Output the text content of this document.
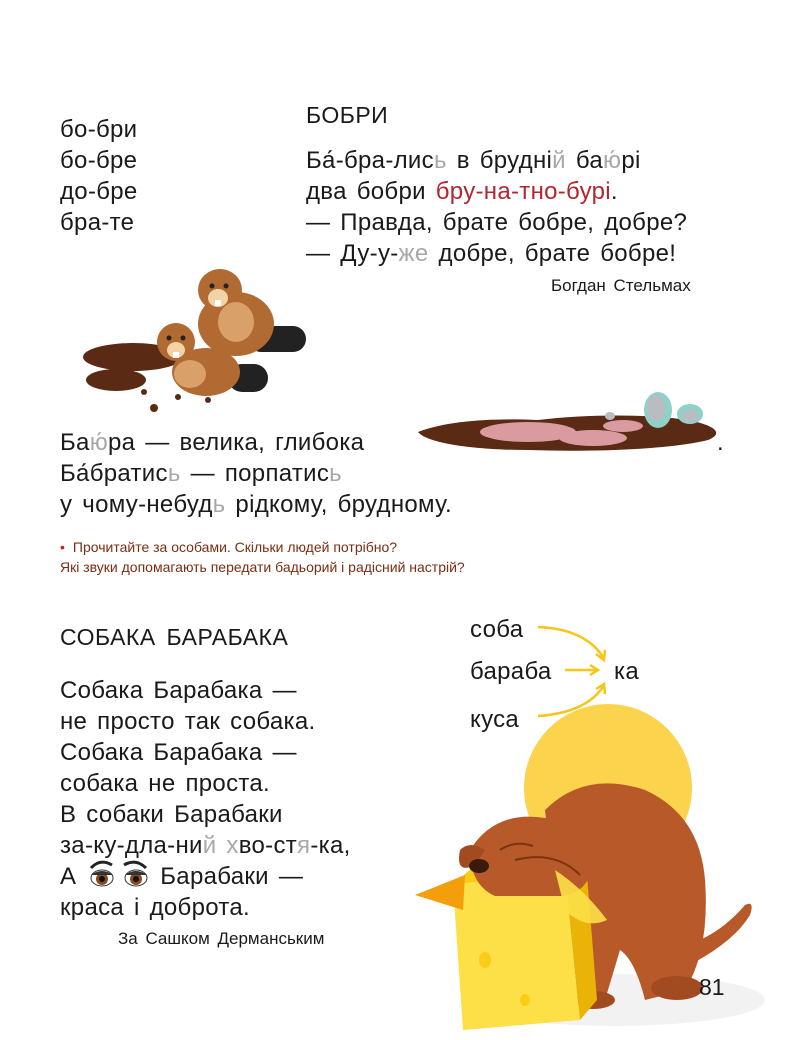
бо-бри
бо-бре
до-бре
бра-те
БОБРИ
Ба́-бра-лись в брудній баю́рі
два бобри бру-на-тно-бурі.
— Правда, брате бобре, добре?
— Ду-у-же добре, брате бобре!
Богдан Стельмах
Баю́ра — велика, глибока	.
Ба́братись — порпатись
у чому-небудь рідкому, брудному.
• Прочитайте за особами. Скільки людей потрібно?
Які звуки допомагають передати бадьорий і радісний настрій?
СОБАКА БАРАБАКА
Собака Барабака —
не просто так собака.
Собака Барабака —
собака не проста.
В собаки Барабаки
за-ку-дла-ний хво-стя-ка,
А	Барабаки —
краса і доброта.
За Сашком Дерманським
соба
бараба
куса
ка
81
